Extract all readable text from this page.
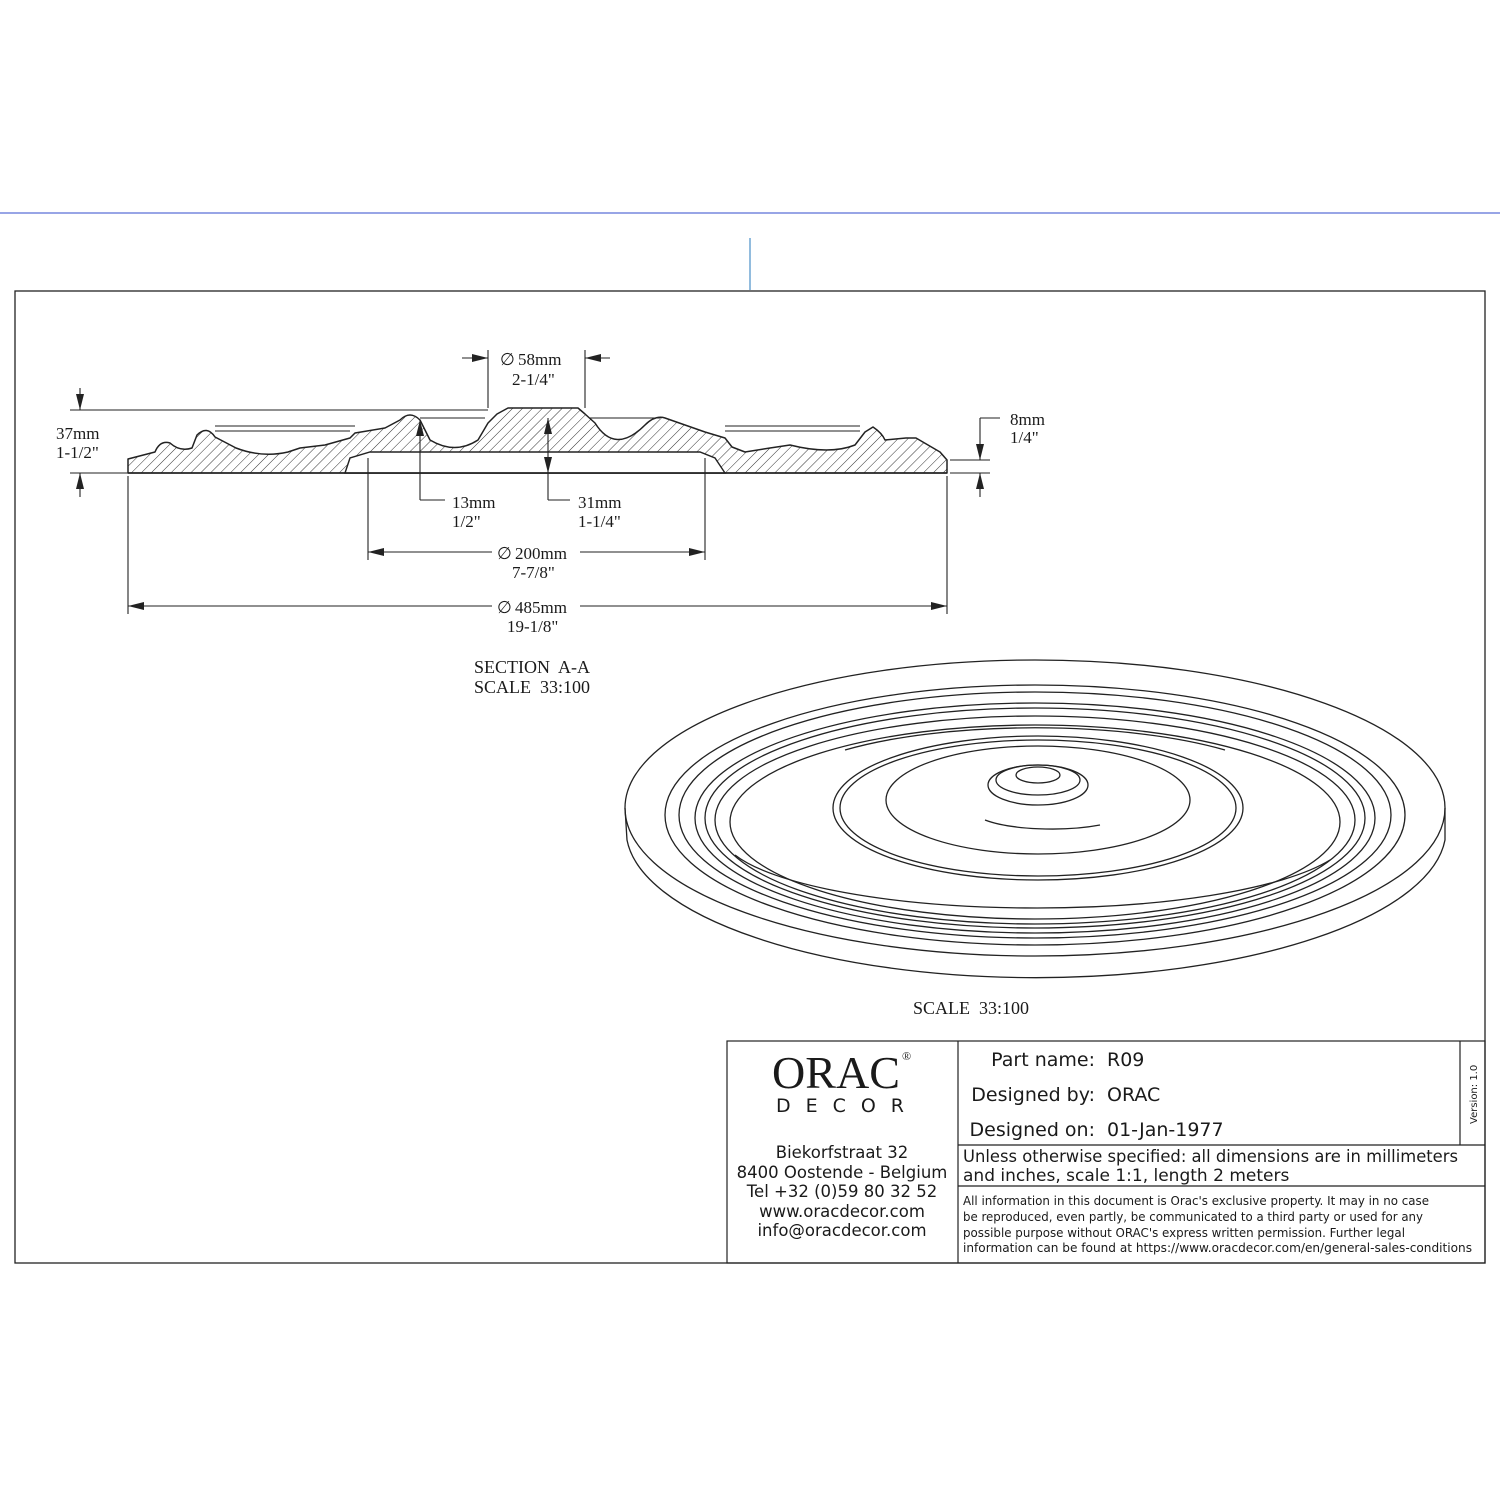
∅ 58mm
2-1/4"
37mm
1-1/2"
8mm
1/4"
13mm
1/2"
31mm
1-1/4"
∅ 200mm
7-7/8"
∅ 485mm
19-1/8"
SECTION  A-A
SCALE  33:100
SCALE  33:100
ORAC ®
DECOR
Biekorfstraat 32
8400 Oostende - Belgium
Tel +32 (0)59 80 32 52
www.oracdecor.com
info@oracdecor.com
Part name: R09
Designed by: ORAC
Designed on: 01-Jan-1977
Version: 1.0
Unless otherwise specified: all dimensions are in millimeters
and inches, scale 1:1, length 2 meters
All information in this document is Orac's exclusive property. It may in no case
be reproduced, even partly, be communicated to a third party or used for any
possible purpose without ORAC's express written permission. Further legal
information can be found at https://www.oracdecor.com/en/general-sales-conditions
